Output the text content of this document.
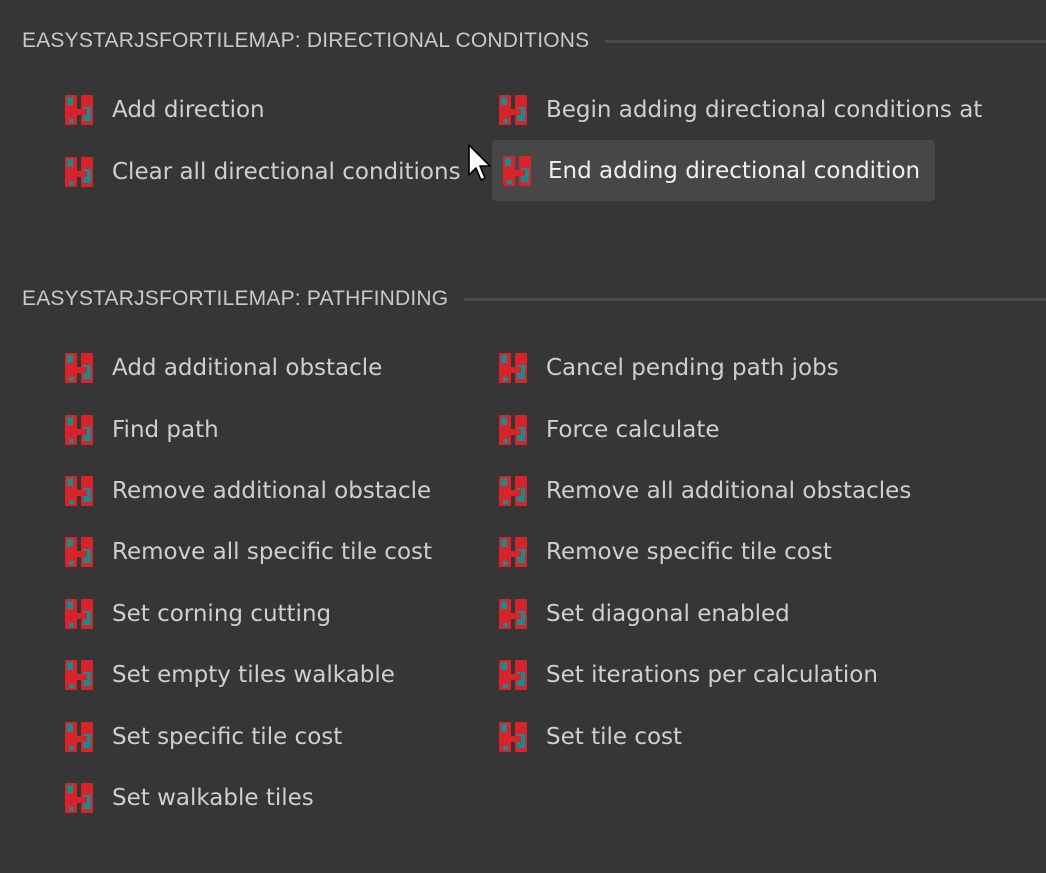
EASYSTARJSFORTILEMAP: DIRECTIONAL CONDITIONS
Add direction	Begin adding directional conditions at
Clear all directional conditions	End adding directional condition
EASYSTARJSFORTILEMAP: PATHFINDING
Add additional obstacle	Cancel pending path jobs
Find path	Force calculate
Remove additional obstacle	Remove all additional obstacles
Remove all specific tile cost	Remove specific tile cost
Set corning cutting	Set diagonal enabled
Set empty tiles walkable	Set iterations per calculation
Set specific tile cost	Set tile cost
Set walkable tiles
